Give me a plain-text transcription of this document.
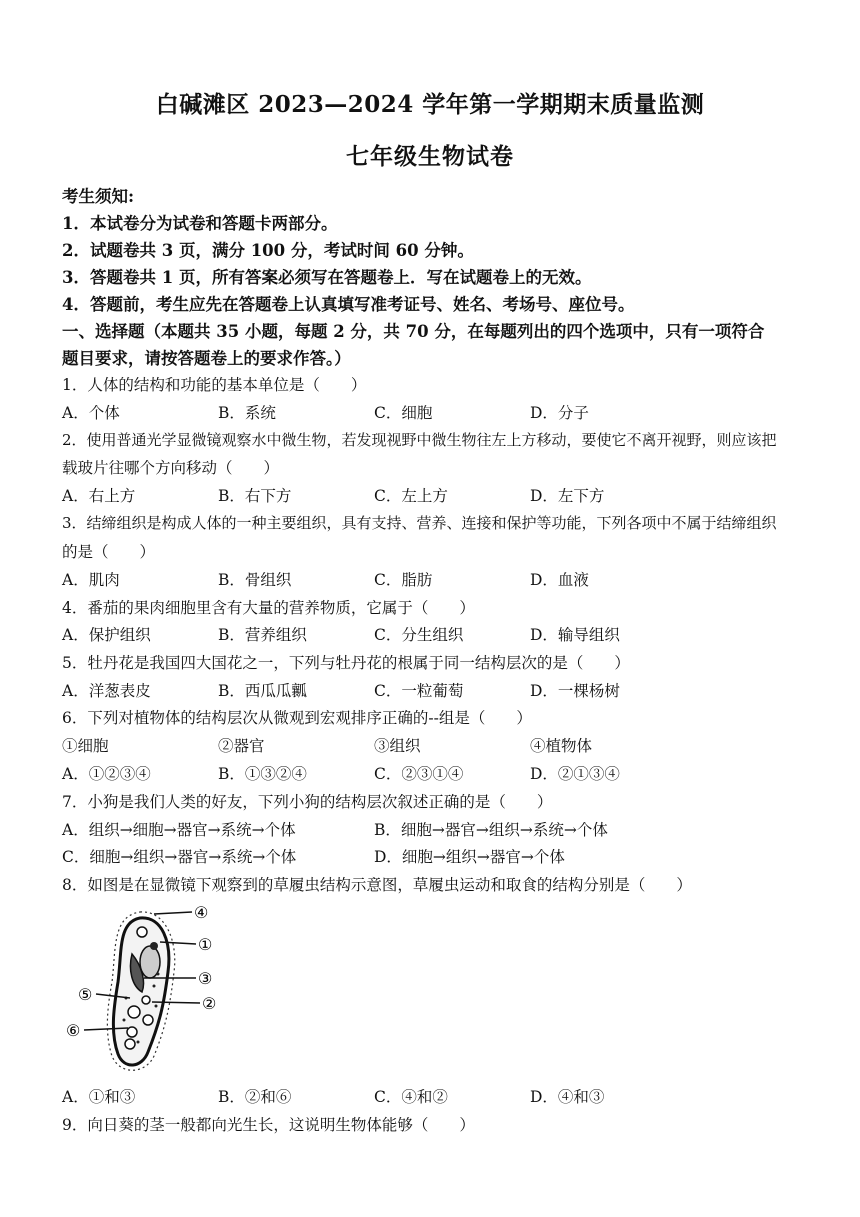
白碱滩区 2023—2024 学年第一学期期末质量监测
七年级生物试卷
考生须知:
1．本试卷分为试卷和答题卡两部分。
2．试题卷共 3 页，满分 100 分，考试时间 60 分钟。
3．答题卷共 1 页，所有答案必须写在答题卷上．写在试题卷上的无效。
4．答题前，考生应先在答题卷上认真填写准考证号、姓名、考场号、座位号。
一、选择题（本题共 35 小题，每题 2 分，共 70 分，在每题列出的四个选项中，只有一项符合
题目要求，请按答题卷上的要求作答。）
1．人体的结构和功能的基本单位是（　　）
A．个体	B．系统	C．细胞	D．分子
2．使用普通光学显微镜观察水中微生物，若发现视野中微生物往左上方移动，要使它不离开视野，则应该把
载玻片往哪个方向移动（　　）
A．右上方	B．右下方	C．左上方	D．左下方
3．结缔组织是构成人体的一种主要组织，具有支持、营养、连接和保护等功能，下列各项中不属于结缔组织
的是（　　）
A．肌肉	B．骨组织	C．脂肪	D．血液
4．番茄的果肉细胞里含有大量的营养物质，它属于（　　）
A．保护组织	B．营养组织	C．分生组织	D．输导组织
5．牡丹花是我国四大国花之一，下列与牡丹花的根属于同一结构层次的是（　　）
A．洋葱表皮	B．西瓜瓜瓤	C．一粒葡萄	D．一棵杨树
6．下列对植物体的结构层次从微观到宏观排序正确的--组是（　　）
①细胞	②器官	③组织	④植物体
A．①②③④	B．①③②④	C．②③①④	D．②①③④
7．小狗是我们人类的好友，下列小狗的结构层次叙述正确的是（　　）
A．组织→细胞→器官→系统→个体	B．细胞→器官→组织→系统→个体
C．细胞→组织→器官→系统→个体	D．细胞→组织→器官→个体
8．如图是在显微镜下观察到的草履虫结构示意图，草履虫运动和取食的结构分别是（　　）
④
①
③
⑤	②
⑥
A．①和③	B．②和⑥	C．④和②	D．④和③
9．向日葵的茎一般都向光生长，这说明生物体能够（　　）
